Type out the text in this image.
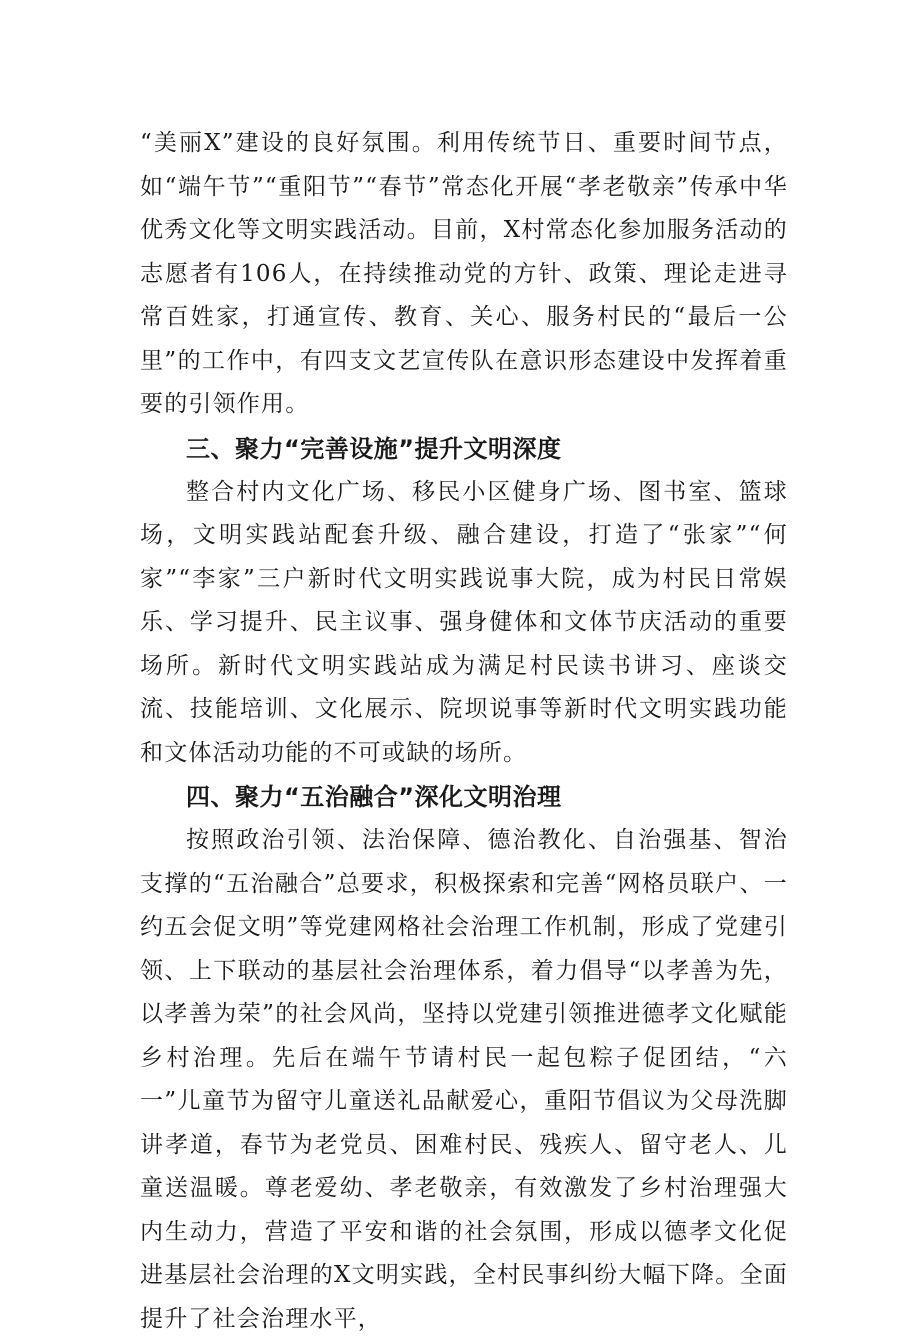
“美丽X”建设的良好氛围。利用传统节日、重要时间节点，如“端午节”“重阳节”“春节”常态化开展“孝老敬亲”传承中华优秀文化等文明实践活动。目前，X村常态化参加服务活动的志愿者有106人，在持续推动党的方针、政策、理论走进寻常百姓家，打通宣传、教育、关心、服务村民的“最后一公里”的工作中，有四支文艺宣传队在意识形态建设中发挥着重要的引领作用。

三、聚力“完善设施”提升文明深度

整合村内文化广场、移民小区健身广场、图书室、篮球场，文明实践站配套升级、融合建设，打造了“张家”“何家”“李家”三户新时代文明实践说事大院，成为村民日常娱乐、学习提升、民主议事、强身健体和文体节庆活动的重要场所。新时代文明实践站成为满足村民读书讲习、座谈交流、技能培训、文化展示、院坝说事等新时代文明实践功能和文体活动功能的不可或缺的场所。

四、聚力“五治融合”深化文明治理

按照政治引领、法治保障、德治教化、自治强基、智治支撑的“五治融合”总要求，积极探索和完善“网格员联户、一约五会促文明”等党建网格社会治理工作机制，形成了党建引领、上下联动的基层社会治理体系，着力倡导“以孝善为先，以孝善为荣”的社会风尚，坚持以党建引领推进德孝文化赋能乡村治理。先后在端午节请村民一起包粽子促团结，“六一”儿童节为留守儿童送礼品献爱心，重阳节倡议为父母洗脚讲孝道，春节为老党员、困难村民、残疾人、留守老人、儿童送温暖。尊老爱幼、孝老敬亲，有效激发了乡村治理强大内生动力，营造了平安和谐的社会氛围，形成以德孝文化促进基层社会治理的X文明实践，全村民事纠纷大幅下降。全面提升了社会治理水平，
